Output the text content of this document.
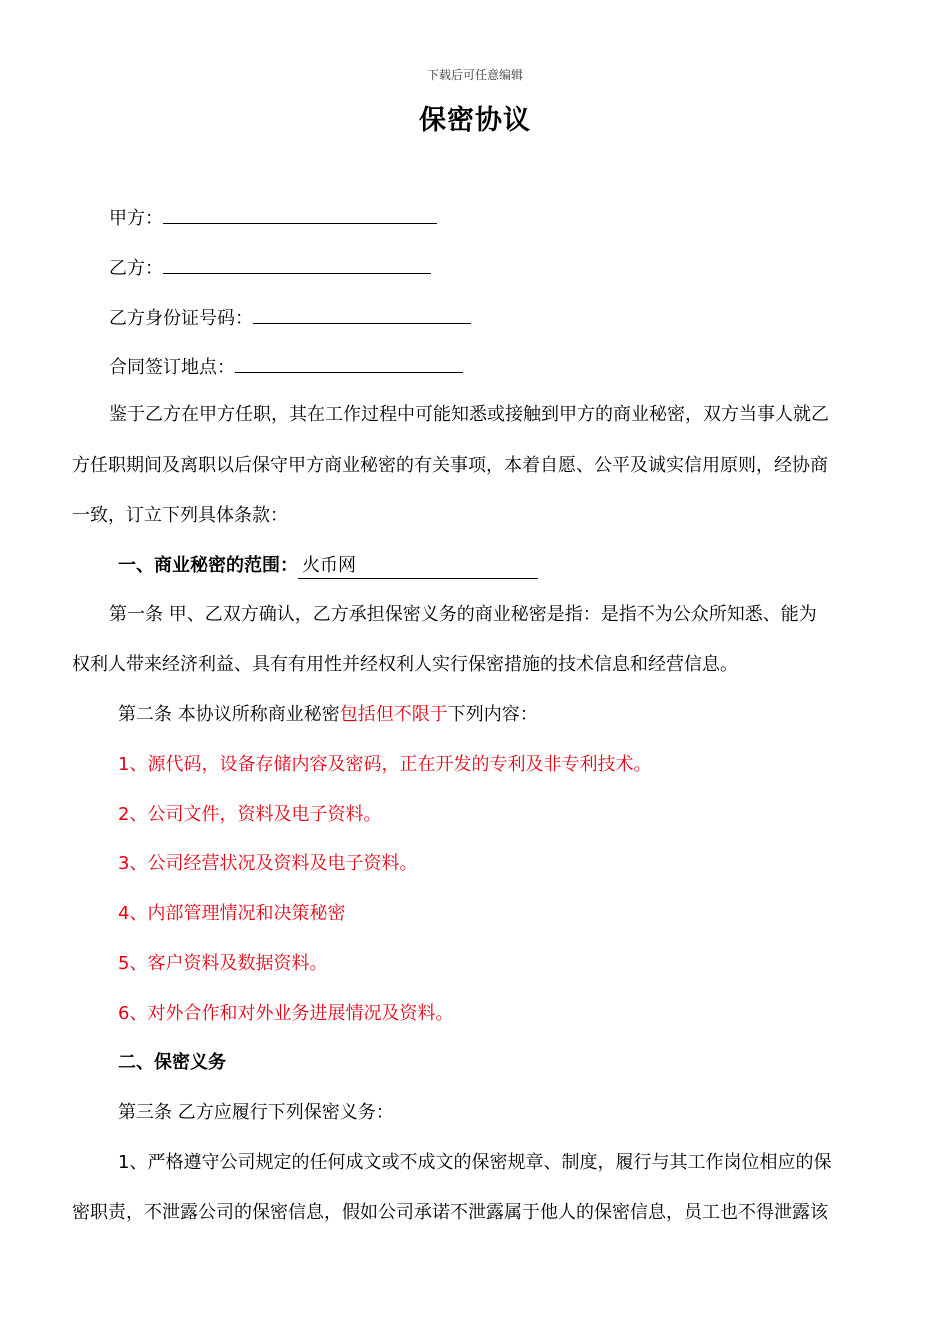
下载后可任意编辑
保密协议
甲方：
乙方：
乙方身份证号码：
合同签订地点：
鉴于乙方在甲方任职，其在工作过程中可能知悉或接触到甲方的商业秘密，双方当事人就乙
方任职期间及离职以后保守甲方商业秘密的有关事项，本着自愿、公平及诚实信用原则，经协商
一致，订立下列具体条款：
一、商业秘密的范围： 火币网
第一条 甲、乙双方确认，乙方承担保密义务的商业秘密是指：是指不为公众所知悉、能为
权利人带来经济利益、具有有用性并经权利人实行保密措施的技术信息和经营信息。
第二条 本协议所称商业秘密包括但不限于下列内容：
1、源代码，设备存储内容及密码，正在开发的专利及非专利技术。
2、公司文件，资料及电子资料。
3、公司经营状况及资料及电子资料。
4、内部管理情况和决策秘密
5、客户资料及数据资料。
6、对外合作和对外业务进展情况及资料。
二、保密义务
第三条 乙方应履行下列保密义务：
1、严格遵守公司规定的任何成文或不成文的保密规章、制度，履行与其工作岗位相应的保
密职责，不泄露公司的保密信息，假如公司承诺不泄露属于他人的保密信息，员工也不得泄露该
